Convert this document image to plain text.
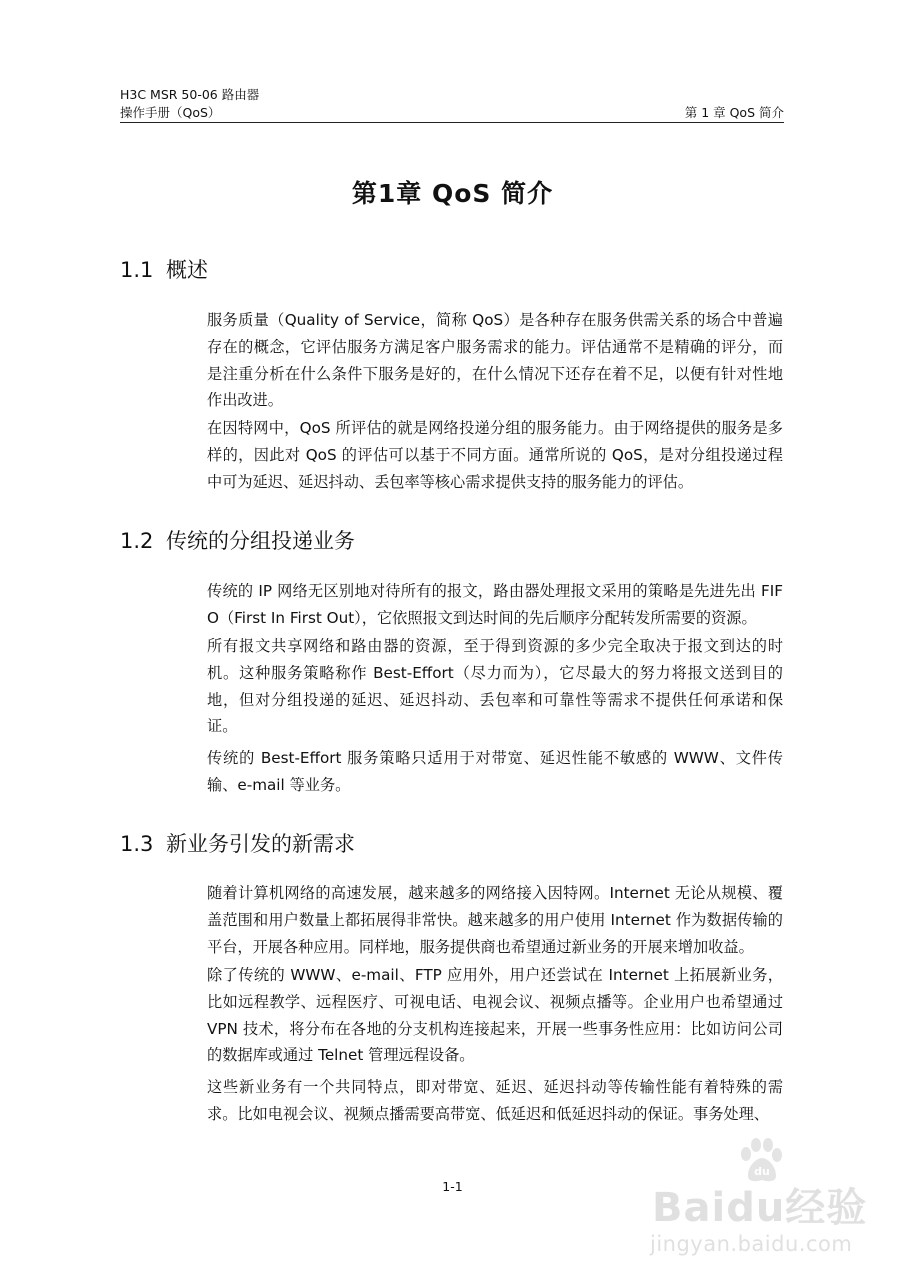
H3C MSR 50-06 路由器
操作手册（QoS）	第 1 章 QoS 简介
第1章 QoS 简介
1.1 概述

服务质量（Quality of Service，简称 QoS）是各种存在服务供需关系的场合中普遍存在的概念，它评估服务方满足客户服务需求的能力。评估通常不是精确的评分，而是注重分析在什么条件下服务是好的，在什么情况下还存在着不足，以便有针对性地作出改进。

在因特网中，QoS 所评估的就是网络投递分组的服务能力。由于网络提供的服务是多样的，因此对 QoS 的评估可以基于不同方面。通常所说的 QoS，是对分组投递过程中可为延迟、延迟抖动、丢包率等核心需求提供支持的服务能力的评估。

1.2 传统的分组投递业务

传统的 IP 网络无区别地对待所有的报文，路由器处理报文采用的策略是先进先出 FIFO（First In First Out），它依照报文到达时间的先后顺序分配转发所需要的资源。

所有报文共享网络和路由器的资源，至于得到资源的多少完全取决于报文到达的时机。这种服务策略称作 Best-Effort（尽力而为），它尽最大的努力将报文送到目的地，但对分组投递的延迟、延迟抖动、丢包率和可靠性等需求不提供任何承诺和保证。

传统的 Best-Effort 服务策略只适用于对带宽、延迟性能不敏感的 WWW、文件传输、e-mail 等业务。

1.3 新业务引发的新需求

随着计算机网络的高速发展，越来越多的网络接入因特网。Internet 无论从规模、覆盖范围和用户数量上都拓展得非常快。越来越多的用户使用 Internet 作为数据传输的平台，开展各种应用。同样地，服务提供商也希望通过新业务的开展来增加收益。

除了传统的 WWW、e-mail、FTP 应用外，用户还尝试在 Internet 上拓展新业务，比如远程教学、远程医疗、可视电话、电视会议、视频点播等。企业用户也希望通过 VPN 技术，将分布在各地的分支机构连接起来，开展一些事务性应用：比如访问公司的数据库或通过 Telnet 管理远程设备。

这些新业务有一个共同特点，即对带宽、延迟、延迟抖动等传输性能有着特殊的需求。比如电视会议、视频点播需要高带宽、低延迟和低延迟抖动的保证。事务处理、

1-1
du
Baidu经验
jingyan.baidu.com
